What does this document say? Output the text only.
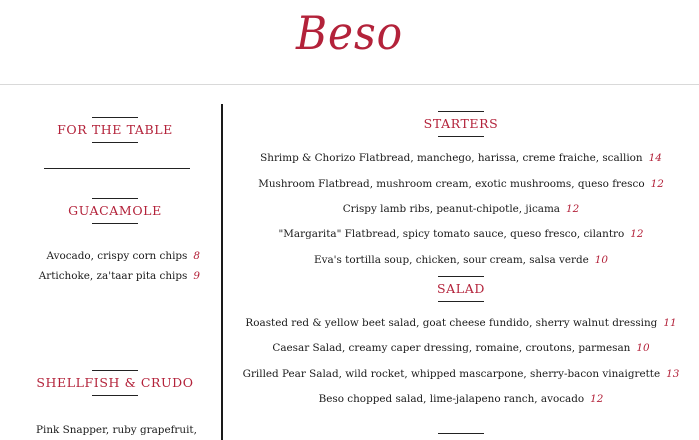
Beso
FOR THE TABLE
GUACAMOLE
Avocado, crispy corn chips 8
Artichoke, za'taar pita chips 9
SHELLFISH & CRUDO
Pink Snapper, ruby grapefruit,
STARTERS
Shrimp & Chorizo Flatbread, manchego, harissa, creme fraiche, scallion 14
Mushroom Flatbread, mushroom cream, exotic mushrooms, queso fresco 12
Crispy lamb ribs, peanut-chipotle, jicama 12
"Margarita" Flatbread, spicy tomato sauce, queso fresco, cilantro 12
Eva's tortilla soup, chicken, sour cream, salsa verde 10
SALAD
Roasted red & yellow beet salad, goat cheese fundido, sherry walnut dressing 11
Caesar Salad, creamy caper dressing, romaine, croutons, parmesan 10
Grilled Pear Salad, wild rocket, whipped mascarpone, sherry-bacon vinaigrette 13
Beso chopped salad, lime-jalapeno ranch, avocado 12
